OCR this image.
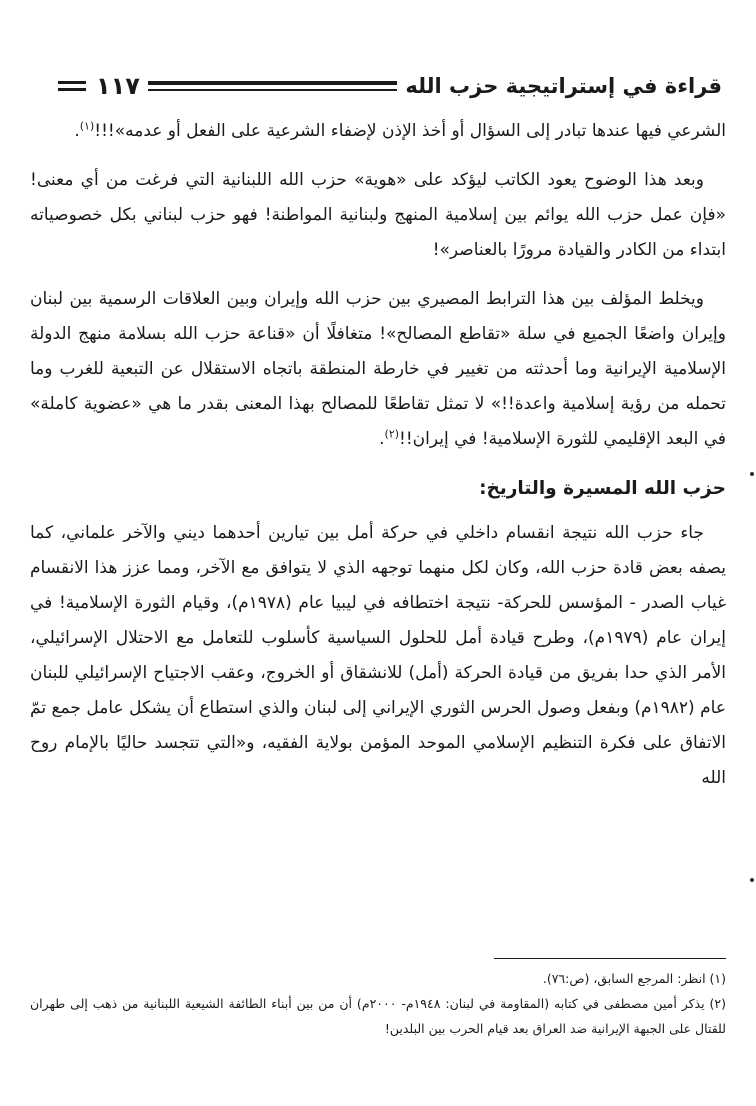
١١٧	قراءة في إستراتيجية حزب الله

الشرعي فيها عندها تبادر إلى السؤال أو أخذ الإذن لإضفاء الشرعية على الفعل أو عدمه»!!!$^{(١)}$.

وبعد هذا الوضوح يعود الكاتب ليؤكد على «هوية» حزب الله اللبنانية التي فرغت من أي معنى! «فإن عمل حزب الله يوائم بين إسلامية المنهج ولبنانية المواطنة! فهو حزب لبناني بكل خصوصياته ابتداء من الكادر والقيادة مرورًا بالعناصر»!

ويخلط المؤلف بين هذا الترابط المصيري بين حزب الله وإيران وبين العلاقات الرسمية بين لبنان وإيران واضعًا الجميع في سلة «تقاطع المصالح»! متغافلًا أن «قناعة حزب الله بسلامة منهج الدولة الإسلامية الإيرانية وما أحدثته من تغيير في خارطة المنطقة باتجاه الاستقلال عن التبعية للغرب وما تحمله من رؤية إسلامية واعدة!!» لا تمثل تقاطعًا للمصالح بهذا المعنى بقدر ما هي «عضوية كاملة» في البعد الإقليمي للثورة الإسلامية! في إيران!!$^{(٢)}$.

حزب الله المسيرة والتاريخ:

جاء حزب الله نتيجة انقسام داخلي في حركة أمل بين تيارين أحدهما ديني والآخر علماني، كما يصفه بعض قادة حزب الله، وكان لكل منهما توجهه الذي لا يتوافق مع الآخر، ومما عزز هذا الانقسام غياب الصدر - المؤسس للحركة- نتيجة اختطافه في ليبيا عام (١٩٧٨م)، وقيام الثورة الإسلامية! في إيران عام (١٩٧٩م)، وطرح قيادة أمل للحلول السياسية كأسلوب للتعامل مع الاحتلال الإسرائيلي، الأمر الذي حدا بفريق من قيادة الحركة (أمل) للانشقاق أو الخروج، وعقب الاجتياح الإسرائيلي للبنان عام (١٩٨٢م) وبفعل وصول الحرس الثوري الإيراني إلى لبنان والذي استطاع أن يشكل عامل جمع تمّ الاتفاق على فكرة التنظيم الإسلامي الموحد المؤمن بولاية الفقيه، و«التي تتجسد حاليًا بالإمام روح الله

(١) انظر: المرجع السابق، (ص:٧٦).

(٢) يذكر أمين مصطفى في كتابه (المقاومة في لبنان: ١٩٤٨م- ٢٠٠٠م) أن من بين أبناء الطائفة الشيعية اللبنانية من ذهب إلى طهران للقتال على الجبهة الإيرانية ضد العراق بعد قيام الحرب بين البلدين!
